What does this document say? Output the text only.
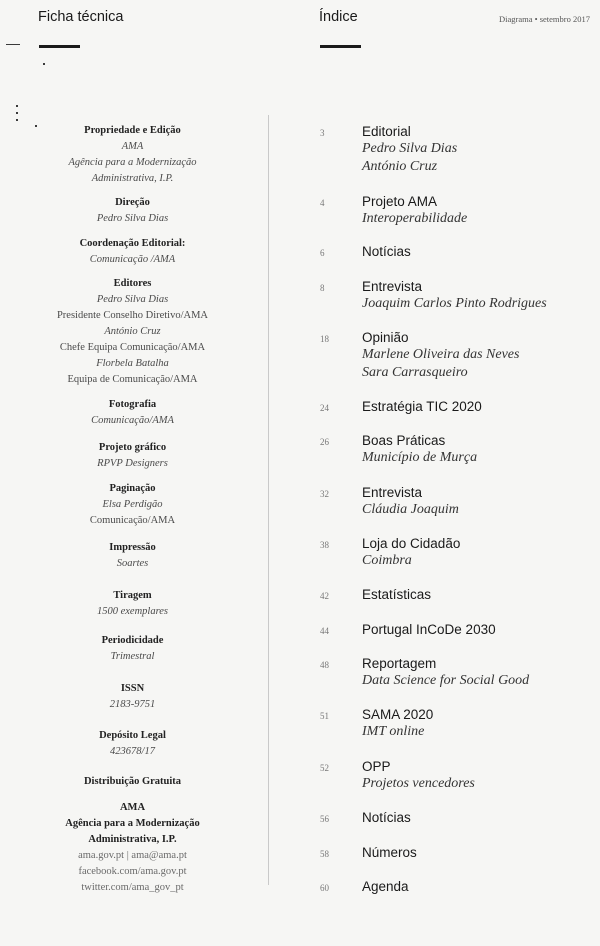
Ficha técnica	Índice	Diagrama • setembro 2017
Propriedade e Edição
AMA
Agência para a Modernização
Administrativa, I.P.
Direção
Pedro Silva Dias
Coordenação Editorial:
Comunicação /AMA
Editores
Pedro Silva Dias
Presidente Conselho Diretivo/AMA
António Cruz
Chefe Equipa Comunicação/AMA
Florbela Batalha
Equipa de Comunicação/AMA
Fotografia
Comunicação/AMA
Projeto gráfico
RPVP Designers
Paginação
Elsa Perdigão
Comunicação/AMA
Impressão
Soartes
Tiragem
1500 exemplares
Periodicidade
Trimestral
ISSN
2183-9751
Depósito Legal
423678/17
Distribuição Gratuita
AMA
Agência para a Modernização
Administrativa, I.P.
ama.gov.pt | ama@ama.pt
facebook.com/ama.gov.pt
twitter.com/ama_gov_pt
3	Editorial
Pedro Silva Dias
António Cruz
4	Projeto AMA
Interoperabilidade
6	Notícias
8	Entrevista
Joaquim Carlos Pinto Rodrigues
18 Opinião
Marlene Oliveira das Neves
Sara Carrasqueiro
24 Estratégia TIC 2020
26 Boas Práticas
Município de Murça
32 Entrevista
Cláudia Joaquim
38 Loja do Cidadão
Coimbra
42 Estatísticas
44 Portugal InCoDe 2030
48 Reportagem
Data Science for Social Good
51 SAMA 2020
IMT online
52 OPP
Projetos vencedores
56 Notícias
58 Números
60 Agenda
